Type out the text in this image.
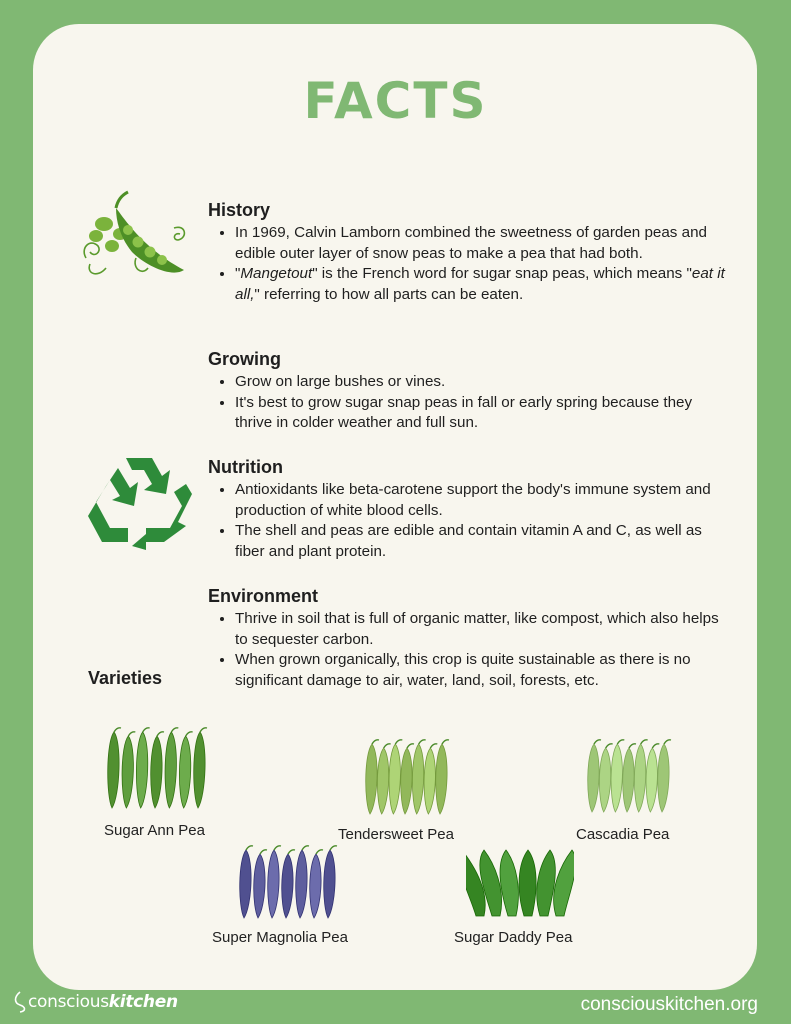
FACTS
History
• In 1969, Calvin Lamborn combined the sweetness of garden peas and edible outer layer of snow peas to make a pea that had both.
• "Mangetout" is the French word for sugar snap peas, which means "eat it all," referring to how all parts can be eaten.
Growing
• Grow on large bushes or vines.
• It's best to grow sugar snap peas in fall or early spring because they thrive in colder weather and full sun.
Nutrition
• Antioxidants like beta-carotene support the body's immune system and production of white blood cells.
• The shell and peas are edible and contain vitamin A and C, as well as fiber and plant protein.
Environment
• Thrive in soil that is full of organic matter, like compost, which also helps to sequester carbon.
• When grown organically, this crop is quite sustainable as there is no significant damage to air, water, land, soil, forests, etc.
Varieties
Sugar Ann Pea	Tendersweet Pea	Cascadia Pea
Super Magnolia Pea	Sugar Daddy Pea
consciouskitchen	consciouskitchen.org
